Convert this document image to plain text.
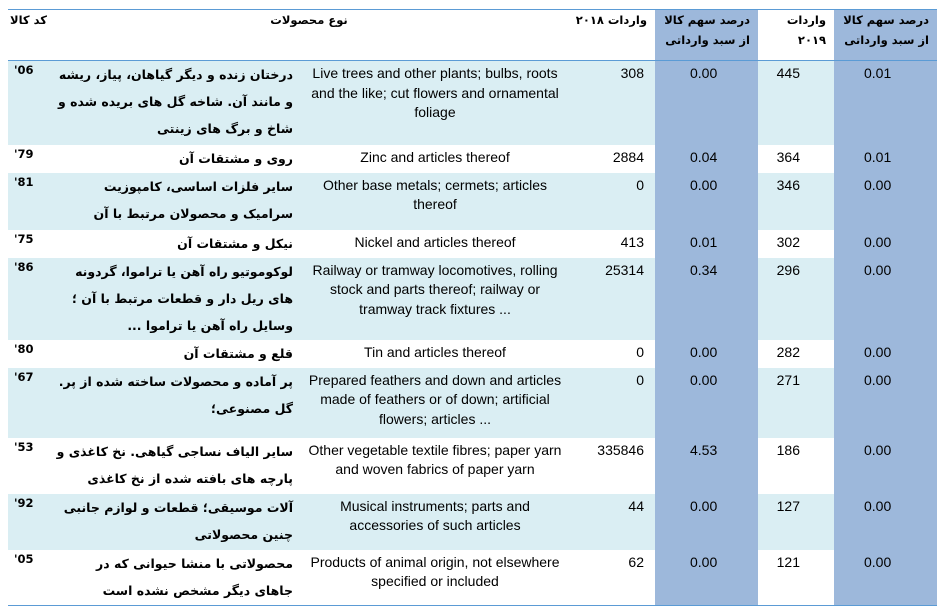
کد کالا	نوع محصولات		واردات ۲۰۱۸	درصد سهم کالا از سبد وارداتی	واردات ۲۰۱۹	درصد سهم کالا از سبد وارداتی
'06	درختان زنده و دیگر گیاهان، پیاز، ریشه و مانند آن. شاخه گل های بریده شده و شاخ و برگ های زینتی	Live trees and other plants; bulbs, roots and the like; cut flowers and ornamental foliage	308	0.00	445	0.01
'79	روی و مشتقات آن	Zinc and articles thereof	2884	0.04	364	0.01
'81	سایر فلزات اساسی، کامپوزیت سرامیک و محصولان مرتبط با آن	Other base metals; cermets; articles thereof	0	0.00	346	0.00
'75	نیکل و مشتقات آن	Nickel and articles thereof	413	0.01	302	0.00
'86	لوکوموتیو راه آهن یا تراموا، گردونه های ریل دار و قطعات مرتبط با آن ؛ وسایل راه آهن یا تراموا ...	Railway or tramway locomotives, rolling stock and parts thereof; railway or tramway track fixtures ...	25314	0.34	296	0.00
'80	قلع و مشتقات آن	Tin and articles thereof	0	0.00	282	0.00
'67	پر آماده و محصولات ساخته شده از پر. گل مصنوعی؛	Prepared feathers and down and articles made of feathers or of down; artificial flowers; articles ...	0	0.00	271	0.00
'53	سایر الیاف نساجی گیاهی. نخ کاغذی و پارچه های بافته شده از نخ کاغذی	Other vegetable textile fibres; paper yarn and woven fabrics of paper yarn	335846	4.53	186	0.00
'92	آلات موسیقی؛ قطعات و لوازم جانبی چنین محصولاتی	Musical instruments; parts and accessories of such articles	44	0.00	127	0.00
'05	محصولاتی با منشا حیوانی که در جاهای دیگر مشخص نشده است	Products of animal origin, not elsewhere specified or included	62	0.00	121	0.00
